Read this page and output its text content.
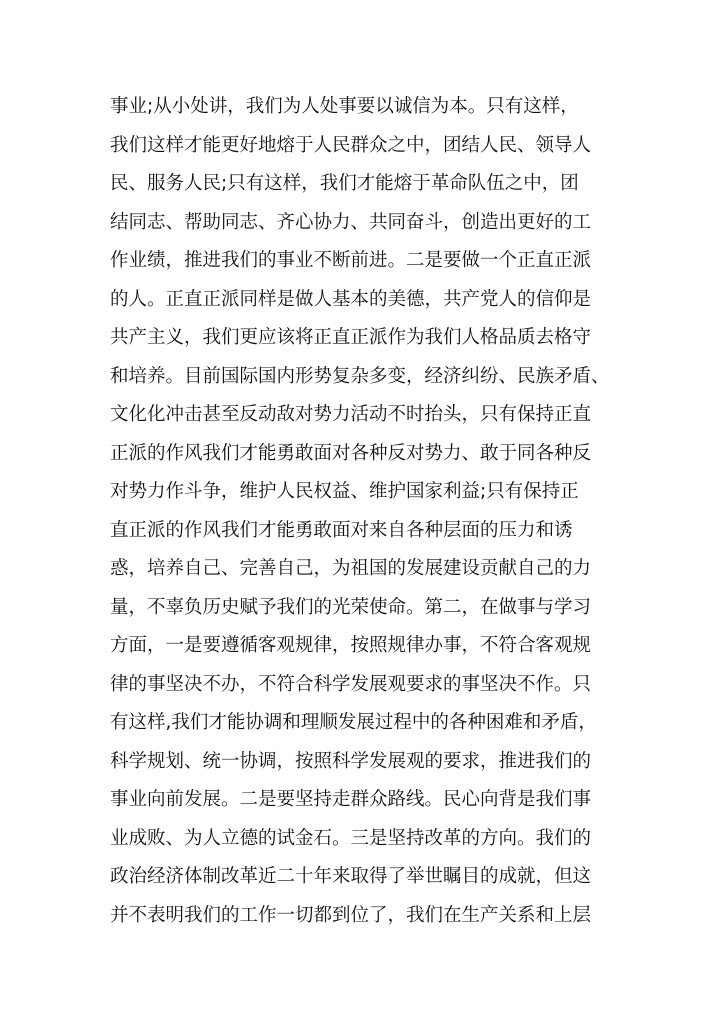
事业;从小处讲，我们为人处事要以诚信为本。只有这样，
我们这样才能更好地熔于人民群众之中，团结人民、领导人
民、服务人民;只有这样，我们才能熔于革命队伍之中，团
结同志、帮助同志、齐心协力、共同奋斗，创造出更好的工
作业绩，推进我们的事业不断前进。二是要做一个正直正派
的人。正直正派同样是做人基本的美德，共产党人的信仰是
共产主义，我们更应该将正直正派作为我们人格品质去格守
和培养。目前国际国内形势复杂多变，经济纠纷、民族矛盾、
文化化冲击甚至反动敌对势力活动不时抬头，只有保持正直
正派的作风我们才能勇敢面对各种反对势力、敢于同各种反
对势力作斗争，维护人民权益、维护国家利益;只有保持正
直正派的作风我们才能勇敢面对来自各种层面的压力和诱
惑，培养自己、完善自己，为祖国的发展建设贡献自己的力
量，不辜负历史赋予我们的光荣使命。第二，在做事与学习
方面，一是要遵循客观规律，按照规律办事，不符合客观规
律的事坚决不办，不符合科学发展观要求的事坚决不作。只
有这样,我们才能协调和理顺发展过程中的各种困难和矛盾，
科学规划、统一协调，按照科学发展观的要求，推进我们的
事业向前发展。二是要坚持走群众路线。民心向背是我们事
业成败、为人立德的试金石。三是坚持改革的方向。我们的
政治经济体制改革近二十年来取得了举世瞩目的成就，但这
并不表明我们的工作一切都到位了，我们在生产关系和上层
